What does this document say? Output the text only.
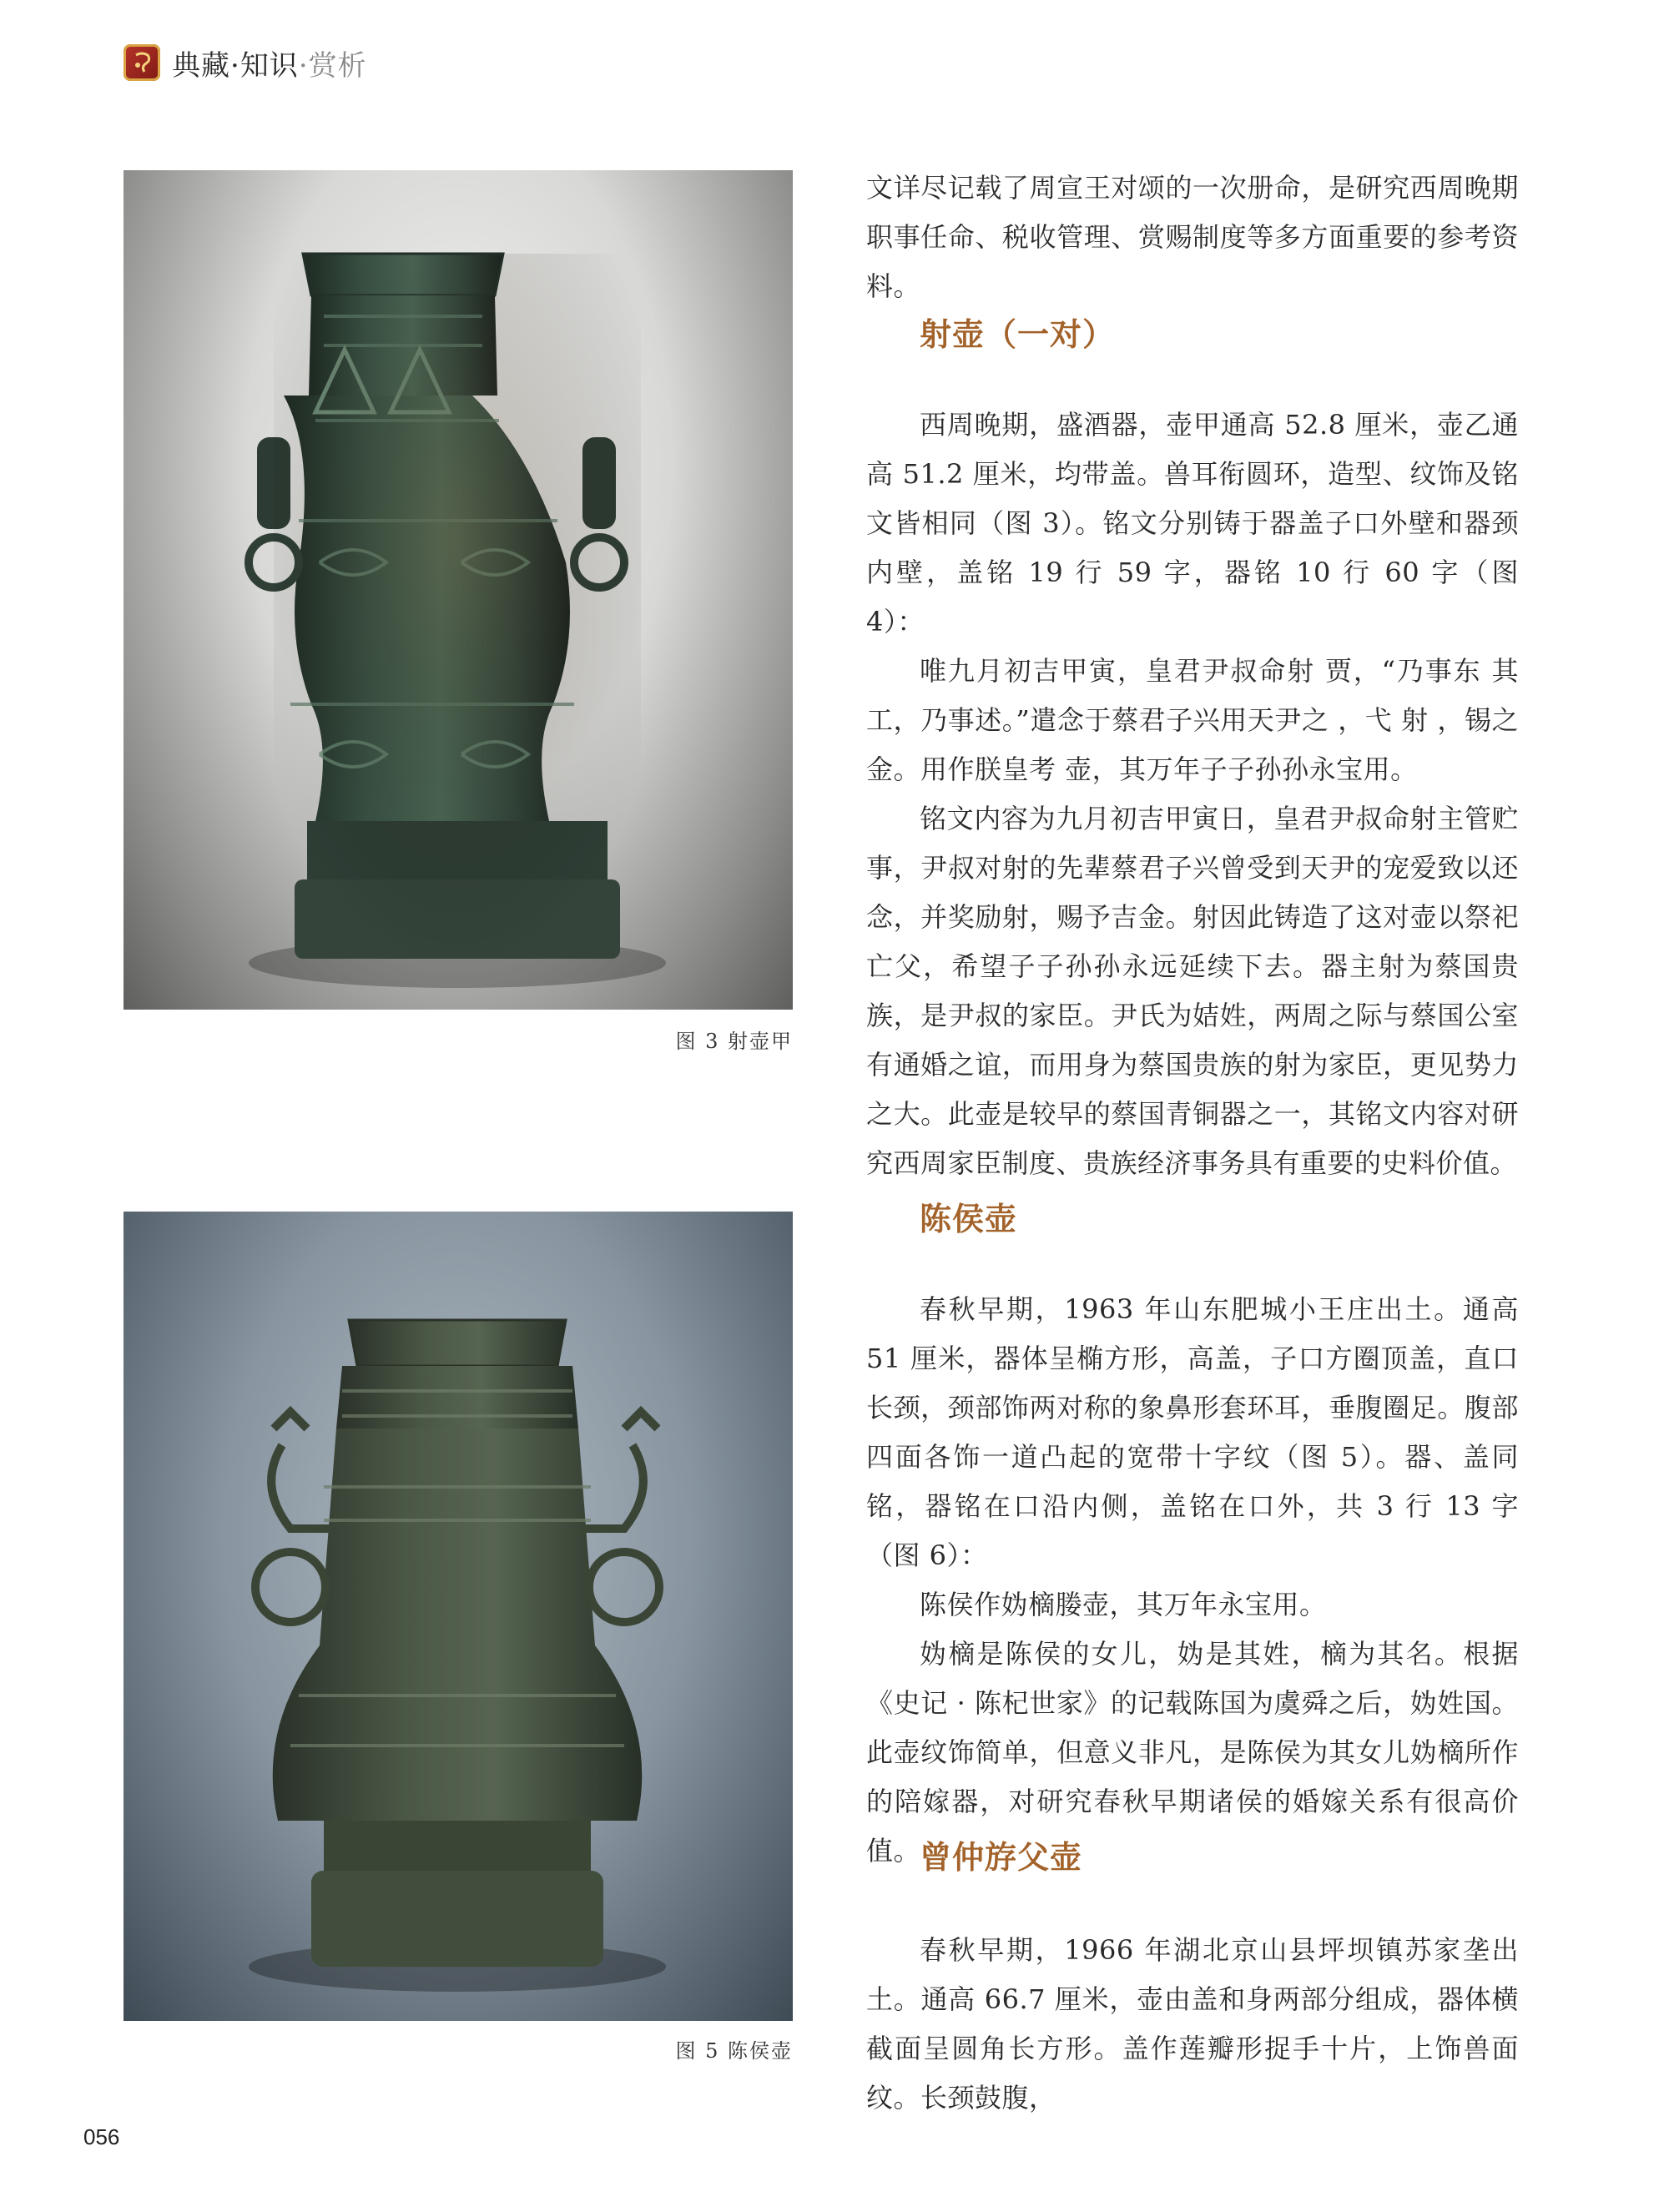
典藏·知识·赏析
图 3 射壶甲
图 5 陈侯壶

文详尽记载了周宣王对颂的一次册命，是研究西周晚期职事任命、税收管理、赏赐制度等多方面重要的参考资料。

射壶（一对）

西周晚期，盛酒器，壶甲通高 52.8 厘米，壶乙通高 51.2 厘米，均带盖。兽耳衔圆环，造型、纹饰及铭文皆相同（图 3）。铭文分别铸于器盖子口外壁和器颈内壁，盖铭 19 行 59 字，器铭 10 行 60 字（图 4）：

唯九月初吉甲寅，皇君尹叔命射 贾，“乃事东 其工，乃事述。”遣念于蔡君子兴用天尹之 ，弋 射 ，锡之金。用作朕皇考 壶，其万年子子孙孙永宝用。

铭文内容为九月初吉甲寅日，皇君尹叔命射主管贮事，尹叔对射的先辈蔡君子兴曾受到天尹的宠爱致以还念，并奖励射，赐予吉金。射因此铸造了这对壶以祭祀亡父，希望子子孙孙永远延续下去。器主射为蔡国贵族，是尹叔的家臣。尹氏为姞姓，两周之际与蔡国公室有通婚之谊，而用身为蔡国贵族的射为家臣，更见势力之大。此壶是较早的蔡国青铜器之一，其铭文内容对研究西周家臣制度、贵族经济事务具有重要的史料价值。

陈侯壶

春秋早期，1963 年山东肥城小王庄出土。通高 51 厘米，器体呈椭方形，高盖，子口方圈顶盖，直口长颈，颈部饰两对称的象鼻形套环耳，垂腹圈足。腹部四面各饰一道凸起的宽带十字纹（图 5）。器、盖同铭，器铭在口沿内侧，盖铭在口外，共 3 行 13 字（图 6）：

陈侯作妫樀媵壶，其万年永宝用。

妫樀是陈侯的女儿，妫是其姓，樀为其名。根据《史记 · 陈杞世家》的记载陈国为虞舜之后，妫姓国。此壶纹饰简单，但意义非凡，是陈侯为其女儿妫樀所作的陪嫁器，对研究春秋早期诸侯的婚嫁关系有很高价值。

曾仲斿父壶

春秋早期，1966 年湖北京山县坪坝镇苏家垄出土。通高 66.7 厘米，壶由盖和身两部分组成，器体横截面呈圆角长方形。盖作莲瓣形捉手十片，上饰兽面纹。长颈鼓腹，

056
